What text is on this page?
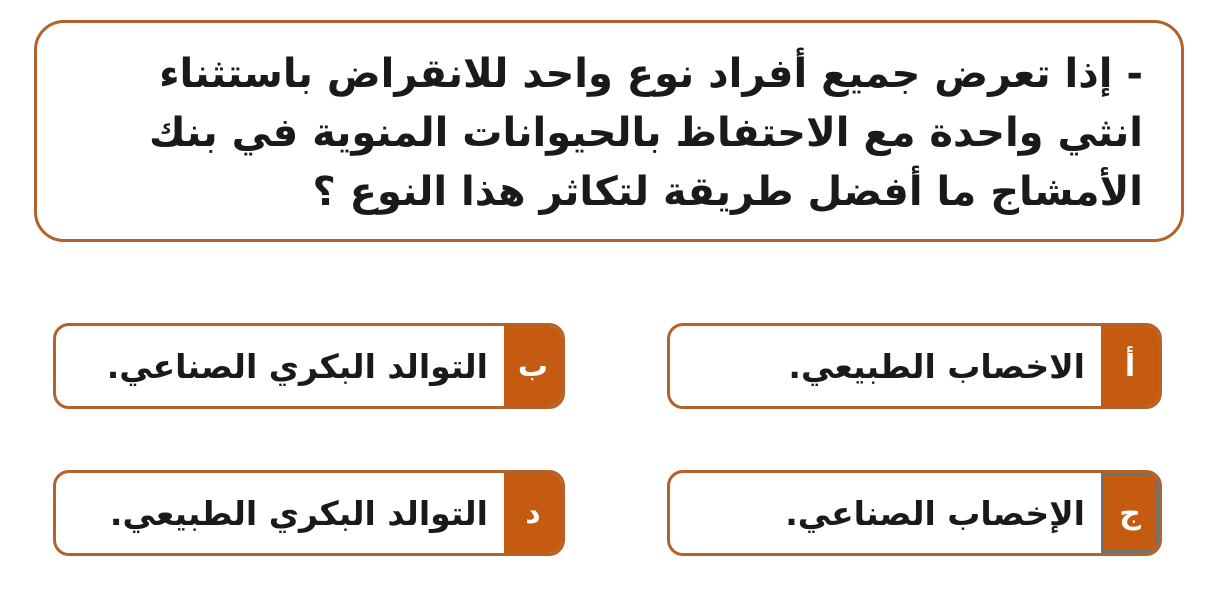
- إذا تعرض جميع أفراد نوع واحد للانقراض باستثناء انثي واحدة مع الاحتفاظ بالحيوانات المنوية في بنك الأمشاج ما أفضل طريقة لتكاثر هذا النوع ؟

أ
الاخصاب الطبيعي.
ب
التوالد البكري الصناعي.
ج
الإخصاب الصناعي.
د
التوالد البكري الطبيعي.
